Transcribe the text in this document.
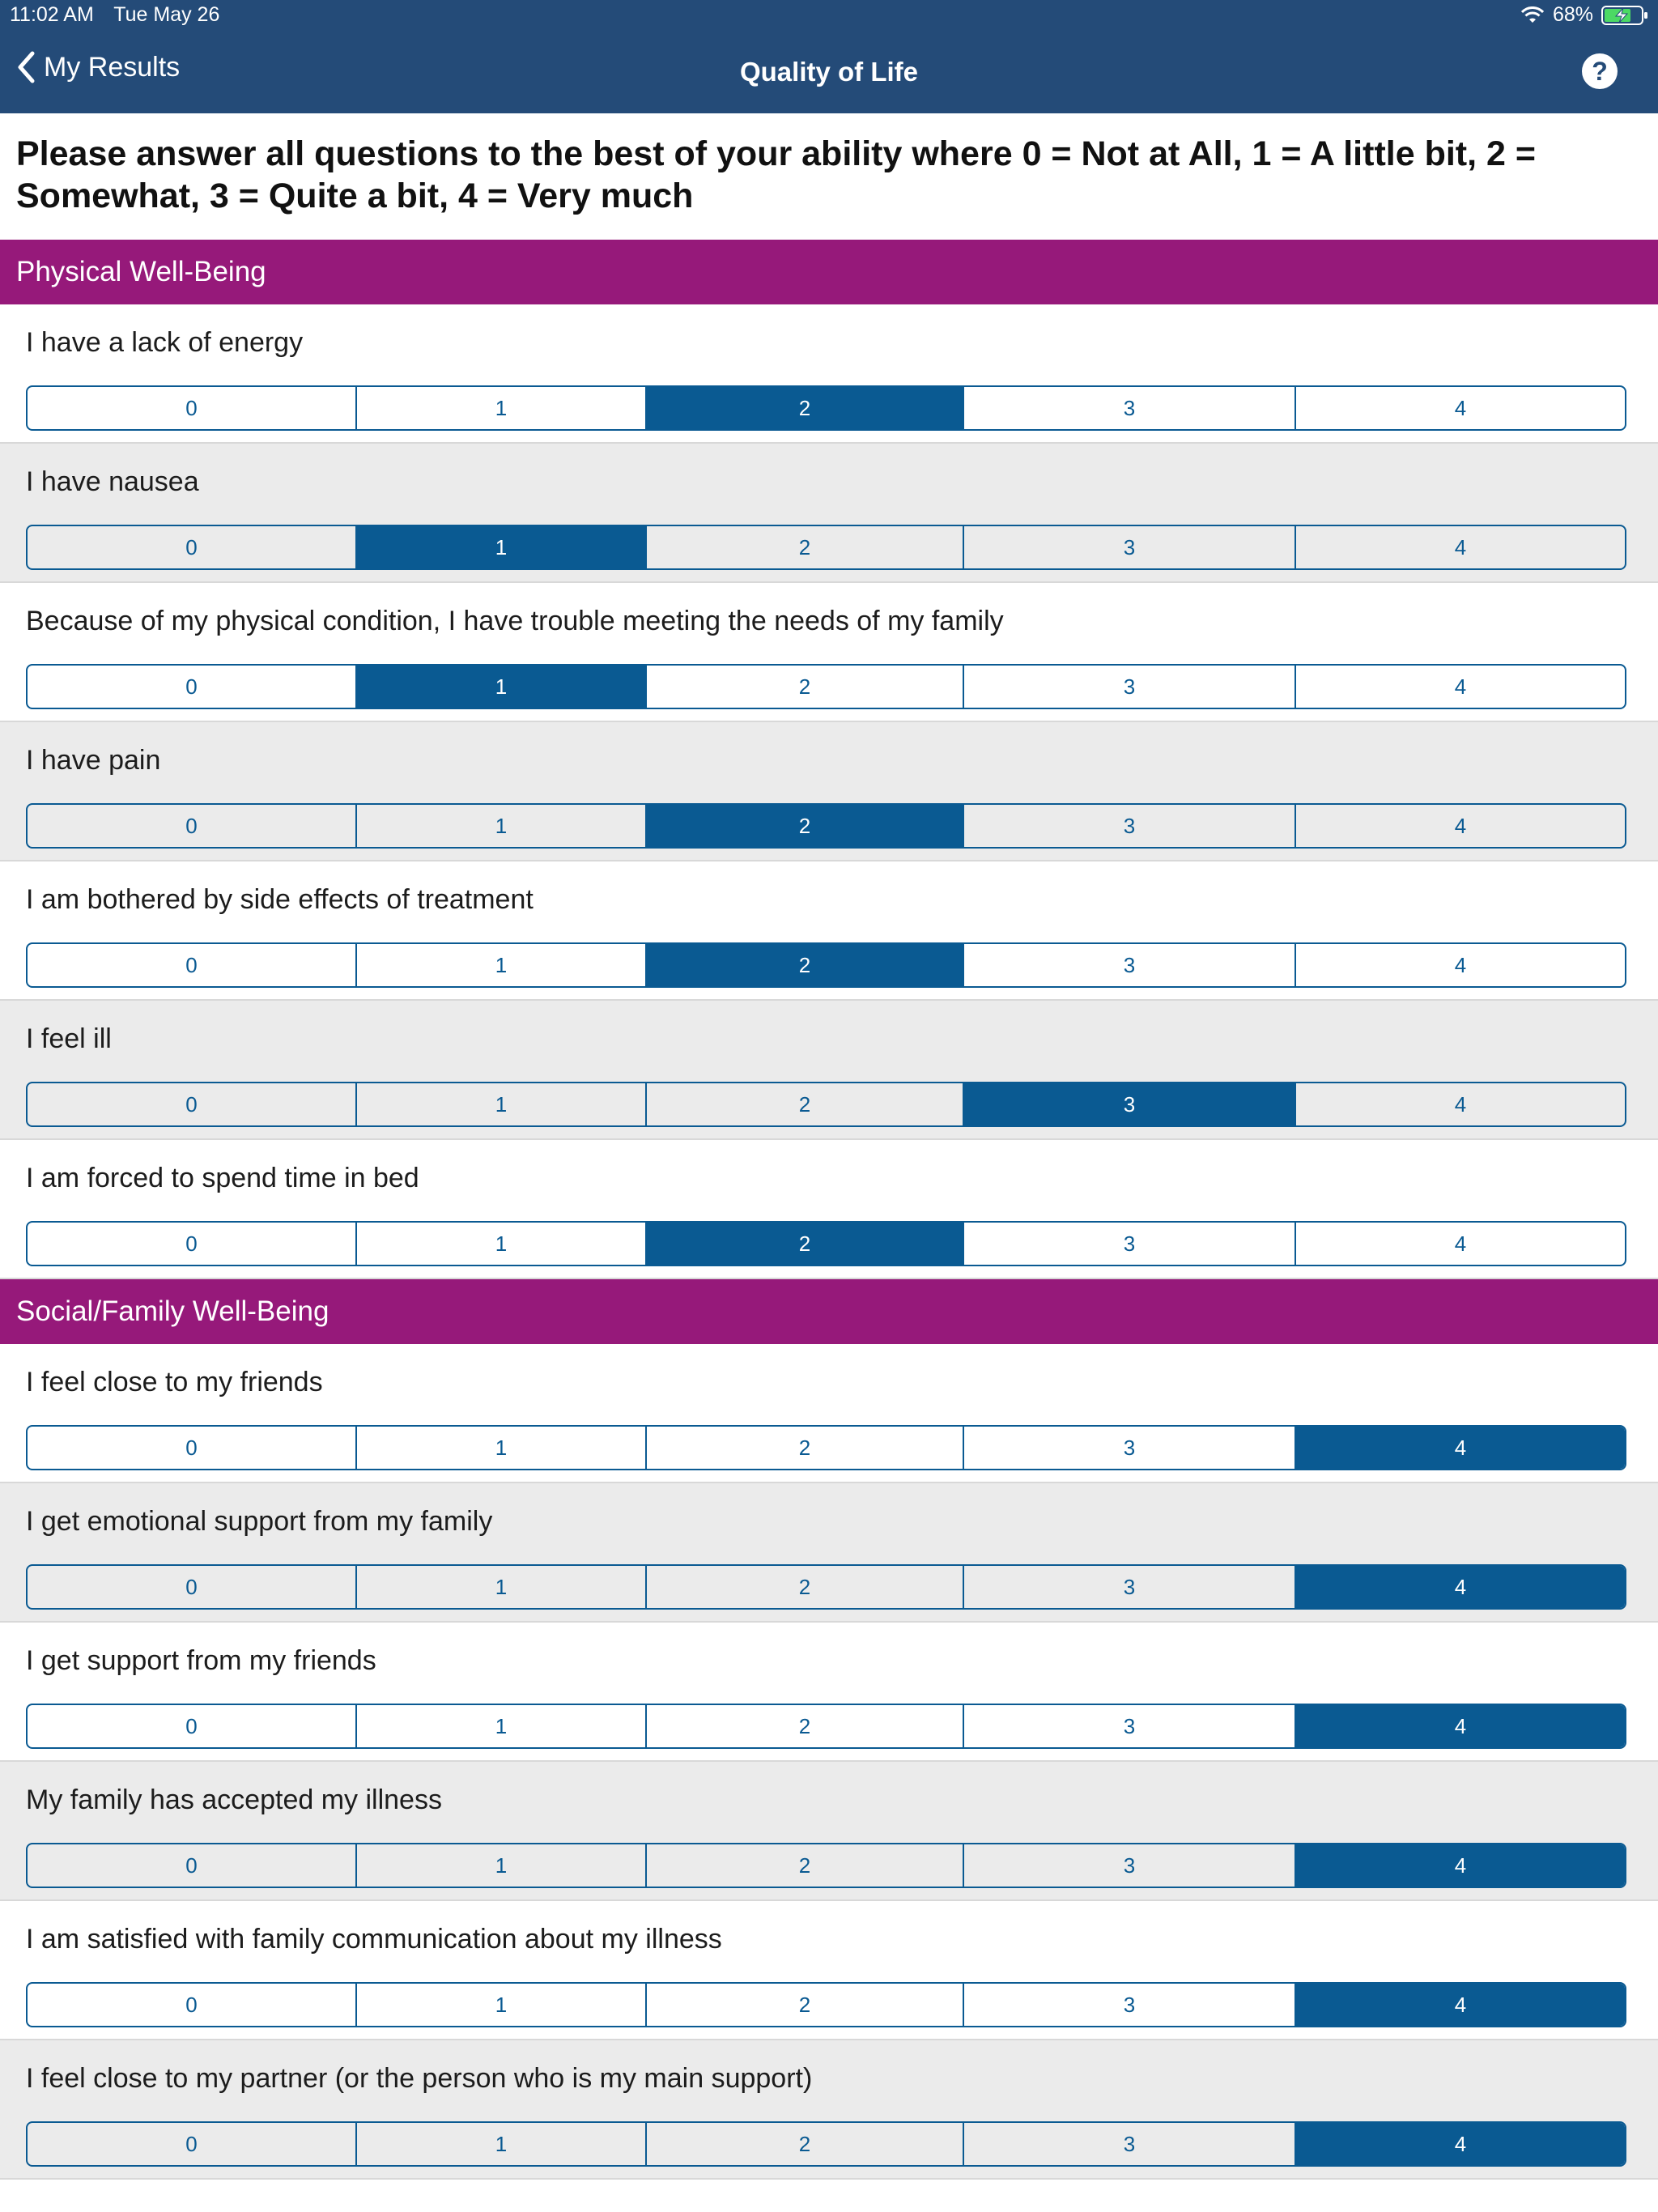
11:02 AM Tue May 26	68%
My Results	Quality of Life	?
Please answer all questions to the best of your ability where 0 = Not at All, 1 = A little bit, 2 = Somewhat, 3 = Quite a bit, 4 = Very much
Physical Well-Being
I have a lack of energy
0	1	2	3	4
I have nausea
0	1	2	3	4
Because of my physical condition, I have trouble meeting the needs of my family
0	1	2	3	4
I have pain
0	1	2	3	4
I am bothered by side effects of treatment
0	1	2	3	4
I feel ill
0	1	2	3	4
I am forced to spend time in bed
0	1	2	3	4
Social/Family Well-Being
I feel close to my friends
0	1	2	3	4
I get emotional support from my family
0	1	2	3	4
I get support from my friends
0	1	2	3	4
My family has accepted my illness
0	1	2	3	4
I am satisfied with family communication about my illness
0	1	2	3	4
I feel close to my partner (or the person who is my main support)
0	1	2	3	4
